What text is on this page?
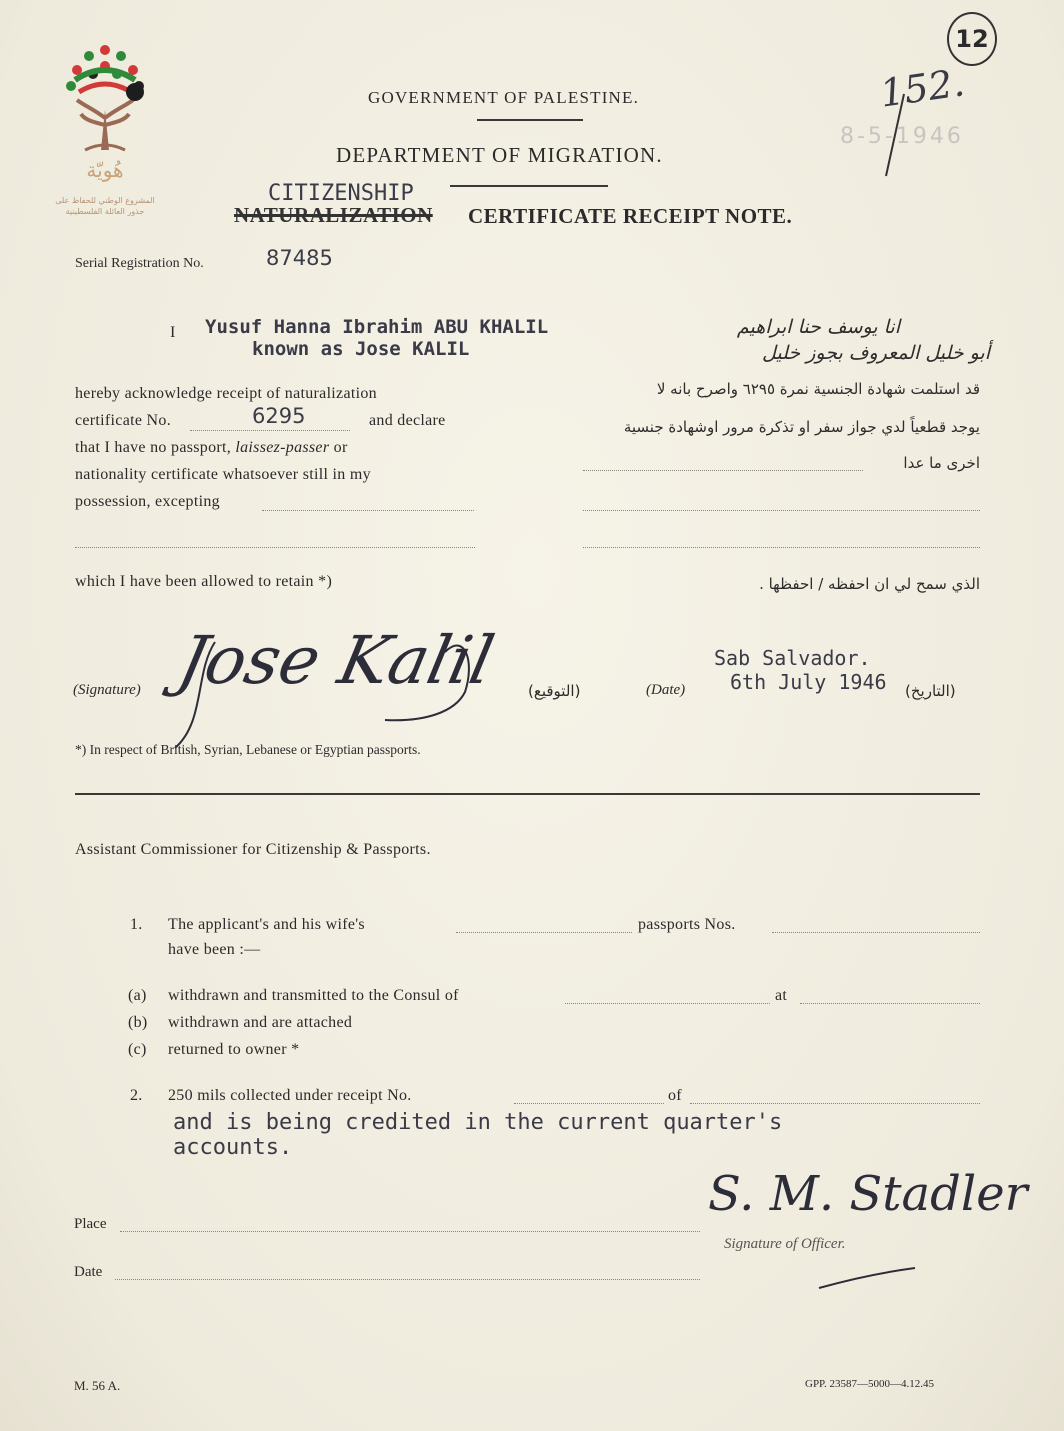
هُويّة
المشروع الوطني للحفاظ على
جذور العائلة الفلسطينية
12
152.
8-5-1946
GOVERNMENT OF PALESTINE.
DEPARTMENT OF MIGRATION.
CITIZENSHIP
NATURALIZATION CERTIFICATE RECEIPT NOTE.
Serial Registration No.	87485
I Yusuf Hanna Ibrahim ABU KHALIL
known as Jose KALIL
hereby acknowledge receipt of naturalization
certificate No.	6295	and declare
that I have no passport, laissez-passer or
nationality certificate whatsoever still in my
possession, excepting
which I have been allowed to retain *)
انا يوسف حنا ابراهيم
أبو خليل المعروف بجوز خليل
قد استلمت شهادة الجنسية نمرة ٦٢٩٥ واصرح بانه لا
يوجد قطعياً لدي جواز سفر او تذكرة مرور اوشهادة جنسية
اخرى ما عدا
الذي سمح لي ان احفظه / احفظها .
(Signature) Jose Kalil (التوقيع)
Sab Salvador.
(Date) 6th July 1946 (التاريخ)
*) In respect of British, Syrian, Lebanese or Egyptian passports.
Assistant Commissioner for Citizenship & Passports.
1. The applicant's and his wife's	passports Nos.
have been :—
(a) withdrawn and transmitted to the Consul of	at
(b) withdrawn and are attached
(c) returned to owner *
2. 250 mils collected under receipt No.	of
and is being credited in the current quarter's
accounts.
Place
Date
S. M. Stadler
Signature of Officer.
M. 56 A.	GPP. 23587—5000—4.12.45
